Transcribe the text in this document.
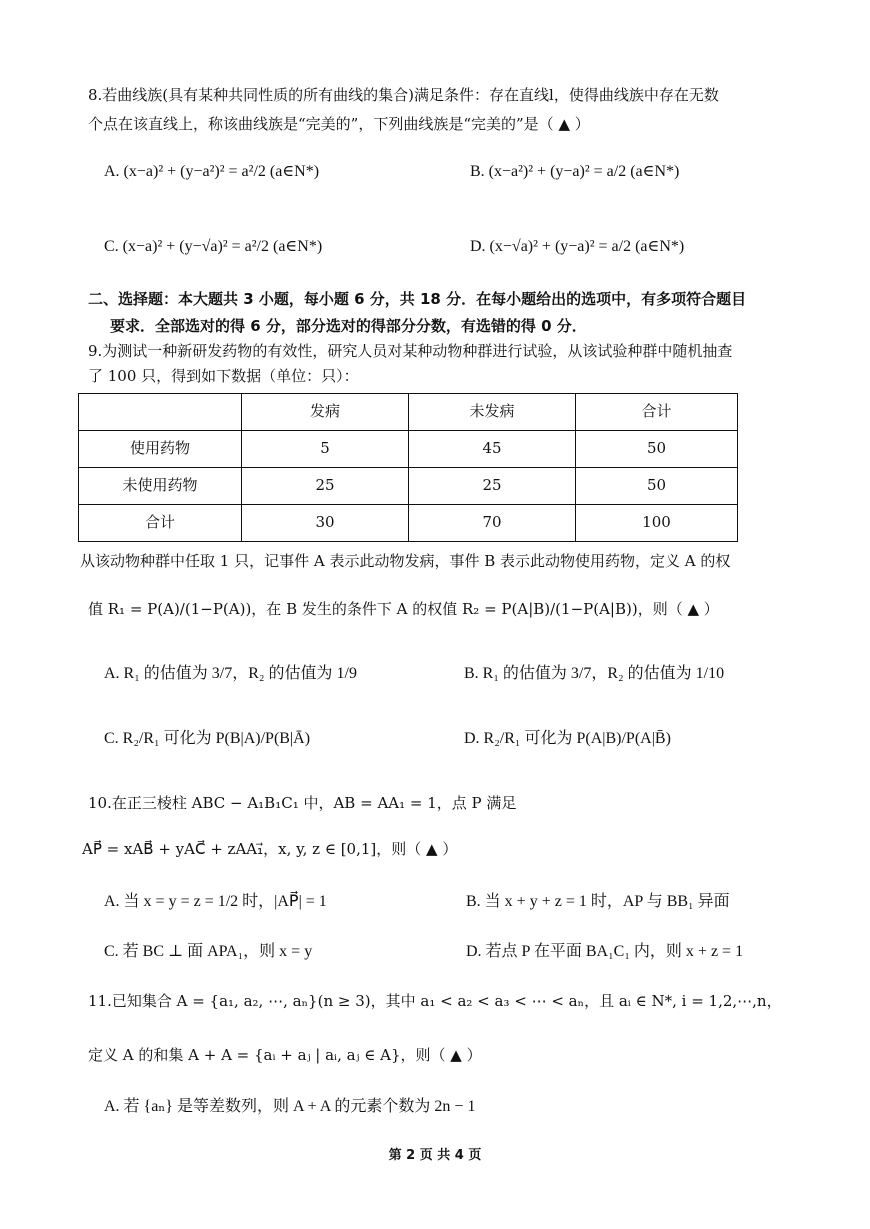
8.若曲线族(具有某种共同性质的所有曲线的集合)满足条件：存在直线l，使得曲线族中存在无数
个点在该直线上，称该曲线族是“完美的”，下列曲线族是“完美的”是（ ▲ ）
A. (x−a)² + (y−a²)² = a²/2 (a∈N*)	B. (x−a²)² + (y−a)² = a/2 (a∈N*)
C. (x−a)² + (y−√a)² = a²/2 (a∈N*)	D. (x−√a)² + (y−a)² = a/2 (a∈N*)
二、选择题：本大题共 3 小题，每小题 6 分，共 18 分．在每小题给出的选项中，有多项符合题目
要求．全部选对的得 6 分，部分选对的得部分分数，有选错的得 0 分．
9.为测试一种新研发药物的有效性，研究人员对某种动物种群进行试验，从该试验种群中随机抽查
了 100 只，得到如下数据（单位：只）：
	发病	未发病	合计
使用药物	5	45	50
未使用药物	25	25	50
合计	30	70	100
从该动物种群中任取 1 只，记事件 A 表示此动物发病，事件 B 表示此动物使用药物，定义 A 的权
值 R₁ = P(A)/(1−P(A))，在 B 发生的条件下 A 的权值 R₂ = P(A|B)/(1−P(A|B))，则（ ▲ ）
A. R₁ 的估值为 3/7，R₂ 的估值为 1/9	B. R₁ 的估值为 3/7，R₂ 的估值为 1/10
C. R₂/R₁ 可化为 P(B|A)/P(B|Ā)	D. R₂/R₁ 可化为 P(A|B)/P(A|B̄)
10.在正三棱柱 ABC − A₁B₁C₁ 中，AB = AA₁ = 1，点 P 满足
AP⃗ = xAB⃗ + yAC⃗ + zAA₁⃗，x, y, z ∈ [0,1]，则（ ▲ ）
A. 当 x = y = z = 1/2 时，|AP⃗| = 1	B. 当 x + y + z = 1 时，AP 与 BB₁ 异面
C. 若 BC ⊥ 面 APA₁，则 x = y	D. 若点 P 在平面 BA₁C₁ 内，则 x + z = 1
11.已知集合 A = {a₁, a₂, ⋯, aₙ}(n ≥ 3)，其中 a₁ < a₂ < a₃ < ⋯ < aₙ，且 aᵢ ∈ N*, i = 1,2,⋯,n，
定义 A 的和集 A + A = {aᵢ + aⱼ | aᵢ, aⱼ ∈ A}，则（ ▲ ）
A. 若 {aₙ} 是等差数列，则 A + A 的元素个数为 2n − 1
第 2 页 共 4 页
